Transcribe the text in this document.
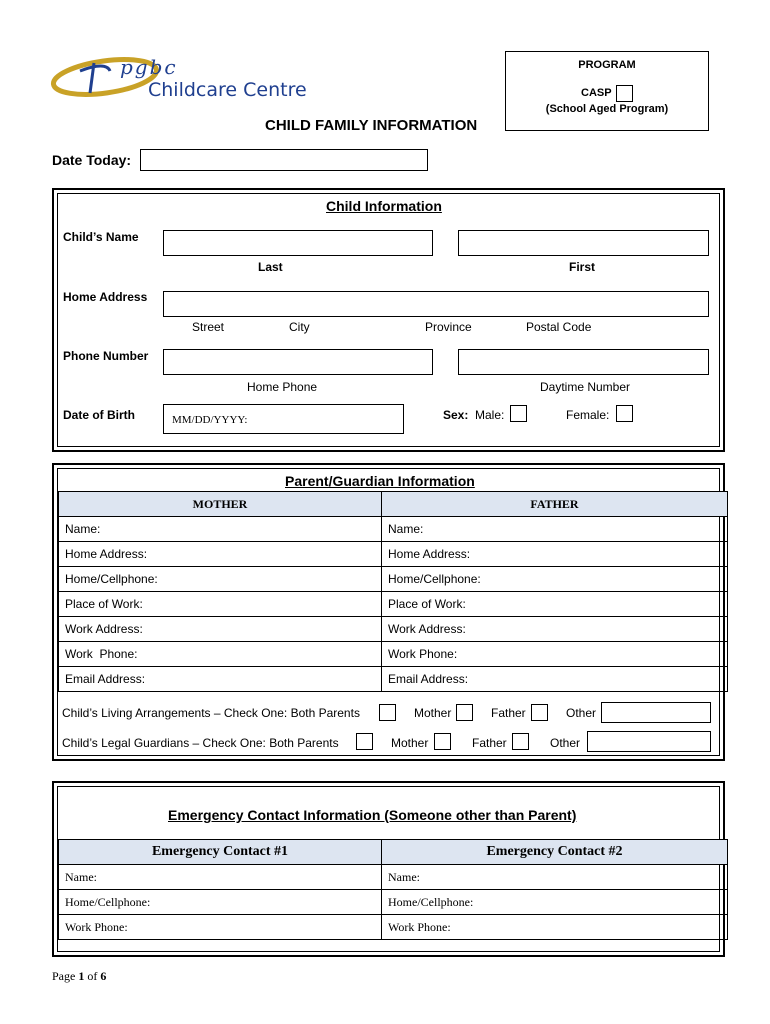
pgbc
Childcare Centre
PROGRAM
CASP
(School Aged Program)
CHILD FAMILY INFORMATION
Date Today:
Child Information
Child’s Name
Last	First
Home Address
Street	City	Province	Postal Code
Phone Number
Home Phone	Daytime Number
Date of Birth	MM/DD/YYYY:	Sex: Male:	Female:
Parent/Guardian Information
MOTHER	FATHER
Name:	Name:
Home Address:	Home Address:
Home/Cellphone:	Home/Cellphone:
Place of Work:	Place of Work:
Work Address:	Work Address:
Work  Phone:	Work Phone:
Email Address:	Email Address:
Child’s Living Arrangements – Check One: Both Parents	Mother	Father	Other
Child’s Legal Guardians – Check One: Both Parents	Mother	Father	Other
Emergency Contact Information (Someone other than Parent)
Emergency Contact #1	Emergency Contact #2
Name:	Name:
Home/Cellphone:	Home/Cellphone:
Work Phone:	Work Phone:
Page 1 of 6
